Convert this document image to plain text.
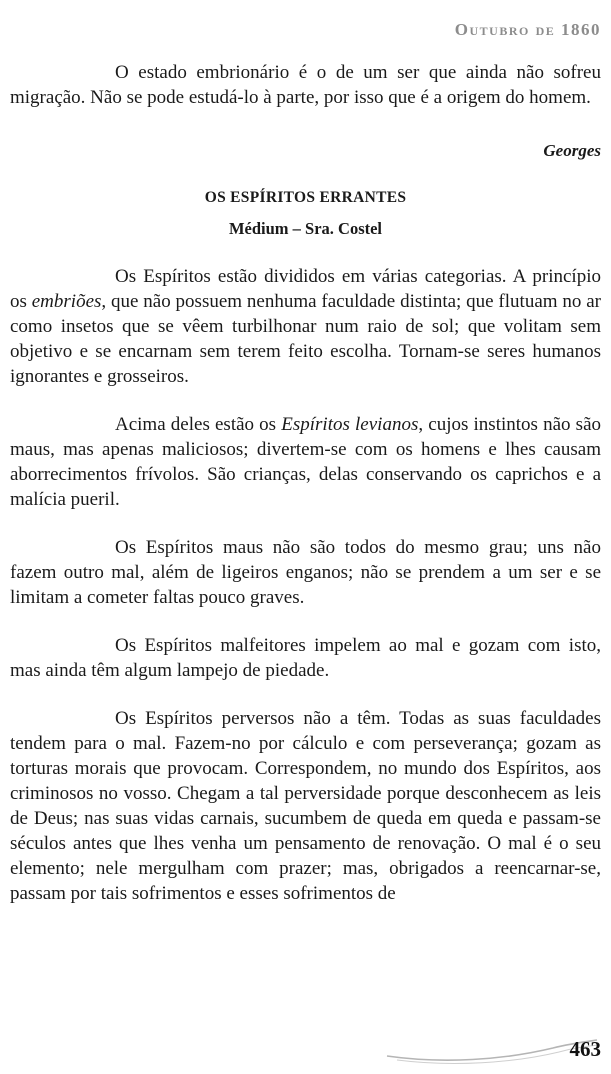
Outubro de 1860

O estado embrionário é o de um ser que ainda não sofreu migração. Não se pode estudá-lo à parte, por isso que é a origem do homem.

Georges

OS ESPÍRITOS ERRANTES

Médium – Sra. Costel

Os Espíritos estão divididos em várias categorias. A princípio os embriões, que não possuem nenhuma faculdade distinta; que flutuam no ar como insetos que se vêem turbilhonar num raio de sol; que volitam sem objetivo e se encarnam sem terem feito escolha. Tornam-se seres humanos ignorantes e grosseiros.

Acima deles estão os Espíritos levianos, cujos instintos não são maus, mas apenas maliciosos; divertem-se com os homens e lhes causam aborrecimentos frívolos. São crianças, delas conservando os caprichos e a malícia pueril.

Os Espíritos maus não são todos do mesmo grau; uns não fazem outro mal, além de ligeiros enganos; não se prendem a um ser e se limitam a cometer faltas pouco graves.

Os Espíritos malfeitores impelem ao mal e gozam com isto, mas ainda têm algum lampejo de piedade.

Os Espíritos perversos não a têm. Todas as suas faculdades tendem para o mal. Fazem-no por cálculo e com perseverança; gozam as torturas morais que provocam. Correspondem, no mundo dos Espíritos, aos criminosos no vosso. Chegam a tal perversidade porque desconhecem as leis de Deus; nas suas vidas carnais, sucumbem de queda em queda e passam-se séculos antes que lhes venha um pensamento de renovação. O mal é o seu elemento; nele mergulham com prazer; mas, obrigados a reencarnar-se, passam por tais sofrimentos e esses sofrimentos de

463
